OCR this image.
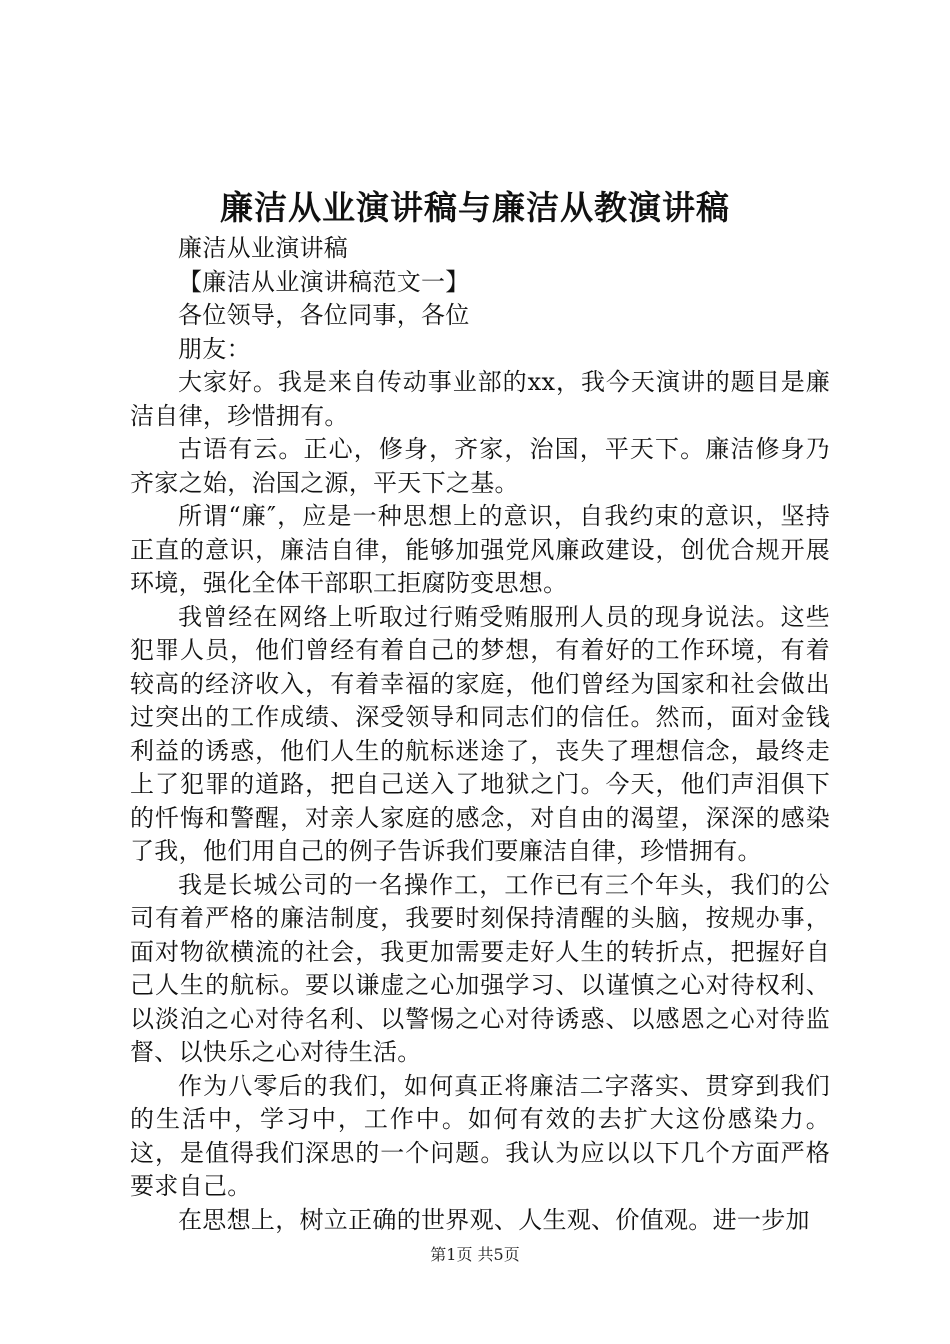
廉洁从业演讲稿与廉洁从教演讲稿

廉洁从业演讲稿

【廉洁从业演讲稿范文一】

各位领导，各位同事，各位

朋友：

大家好。我是来自传动事业部的xx，我今天演讲的题目是廉洁自律，珍惜拥有。

古语有云。正心，修身，齐家，治国，平天下。廉洁修身乃齐家之始，治国之源，平天下之基。

所谓“廉″，应是一种思想上的意识，自我约束的意识，坚持正直的意识，廉洁自律，能够加强党风廉政建设，创优合规开展环境，强化全体干部职工拒腐防变思想。

我曾经在网络上听取过行贿受贿服刑人员的现身说法。这些犯罪人员，他们曾经有着自己的梦想，有着好的工作环境，有着较高的经济收入，有着幸福的家庭，他们曾经为国家和社会做出过突出的工作成绩、深受领导和同志们的信任。然而，面对金钱利益的诱惑，他们人生的航标迷途了，丧失了理想信念，最终走上了犯罪的道路，把自己送入了地狱之门。今天，他们声泪俱下的忏悔和警醒，对亲人家庭的感念，对自由的渴望，深深的感染了我，他们用自己的例子告诉我们要廉洁自律，珍惜拥有。

我是长城公司的一名操作工，工作已有三个年头，我们的公司有着严格的廉洁制度，我要时刻保持清醒的头脑，按规办事，面对物欲横流的社会，我更加需要走好人生的转折点，把握好自己人生的航标。要以谦虚之心加强学习、以谨慎之心对待权利、以淡泊之心对待名利、以警惕之心对待诱惑、以感恩之心对待监督、以快乐之心对待生活。

作为八零后的我们，如何真正将廉洁二字落实、贯穿到我们的生活中，学习中，工作中。如何有效的去扩大这份感染力。这，是值得我们深思的一个问题。我认为应以以下几个方面严格要求自己。

在思想上，树立正确的世界观、人生观、价值观。进一步加

第1页 共5页
